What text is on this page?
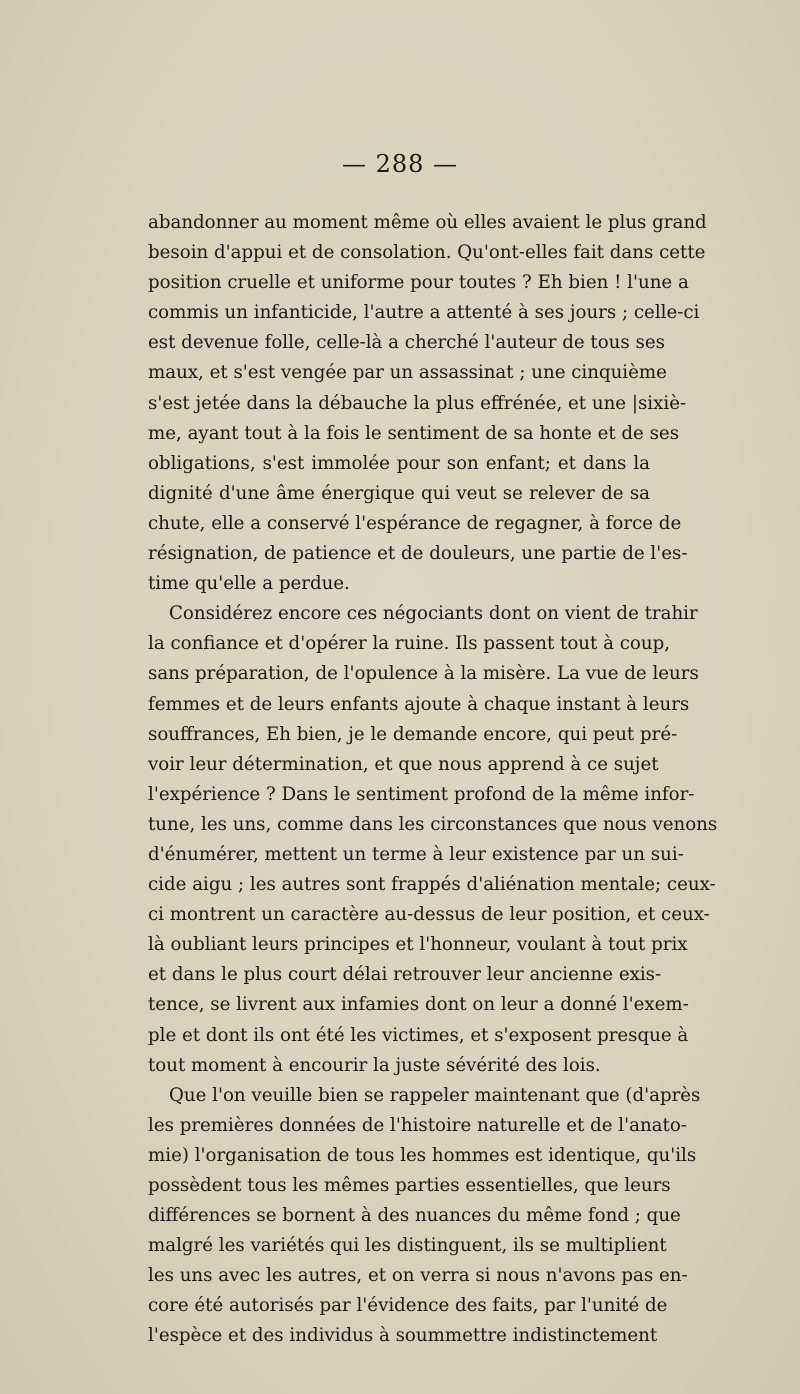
— 288 —
abandonner au moment même où elles avaient le plus grand
besoin d'appui et de consolation. Qu'ont-elles fait dans cette
position cruelle et uniforme pour toutes ? Eh bien ! l'une a
commis un infanticide, l'autre a attenté à ses jours ; celle-ci
est devenue folle, celle-là a cherché l'auteur de tous ses
maux, et s'est vengée par un assassinat ; une cinquième
s'est jetée dans la débauche la plus effrénée, et une |sixiè-
me, ayant tout à la fois le sentiment de sa honte et de ses
obligations, s'est immolée pour son enfant; et dans la
dignité d'une âme énergique qui veut se relever de sa
chute, elle a conservé l'espérance de regagner, à force de
résignation, de patience et de douleurs, une partie de l'es-
time qu'elle a perdue.
Considérez encore ces négociants dont on vient de trahir
la confiance et d'opérer la ruine. Ils passent tout à coup,
sans préparation, de l'opulence à la misère. La vue de leurs
femmes et de leurs enfants ajoute à chaque instant à leurs
souffrances, Eh bien, je le demande encore, qui peut pré-
voir leur détermination, et que nous apprend à ce sujet
l'expérience ? Dans le sentiment profond de la même infor-
tune, les uns, comme dans les circonstances que nous venons
d'énumérer, mettent un terme à leur existence par un sui-
cide aigu ; les autres sont frappés d'aliénation mentale; ceux-
ci montrent un caractère au-dessus de leur position, et ceux-
là oubliant leurs principes et l'honneur, voulant à tout prix
et dans le plus court délai retrouver leur ancienne exis-
tence, se livrent aux infamies dont on leur a donné l'exem-
ple et dont ils ont été les victimes, et s'exposent presque à
tout moment à encourir la juste sévérité des lois.
Que l'on veuille bien se rappeler maintenant que (d'après
les premières données de l'histoire naturelle et de l'anato-
mie) l'organisation de tous les hommes est identique, qu'ils
possèdent tous les mêmes parties essentielles, que leurs
différences se bornent à des nuances du même fond ; que
malgré les variétés qui les distinguent, ils se multiplient
les uns avec les autres, et on verra si nous n'avons pas en-
core été autorisés par l'évidence des faits, par l'unité de
l'espèce et des individus à soummettre indistinctement
